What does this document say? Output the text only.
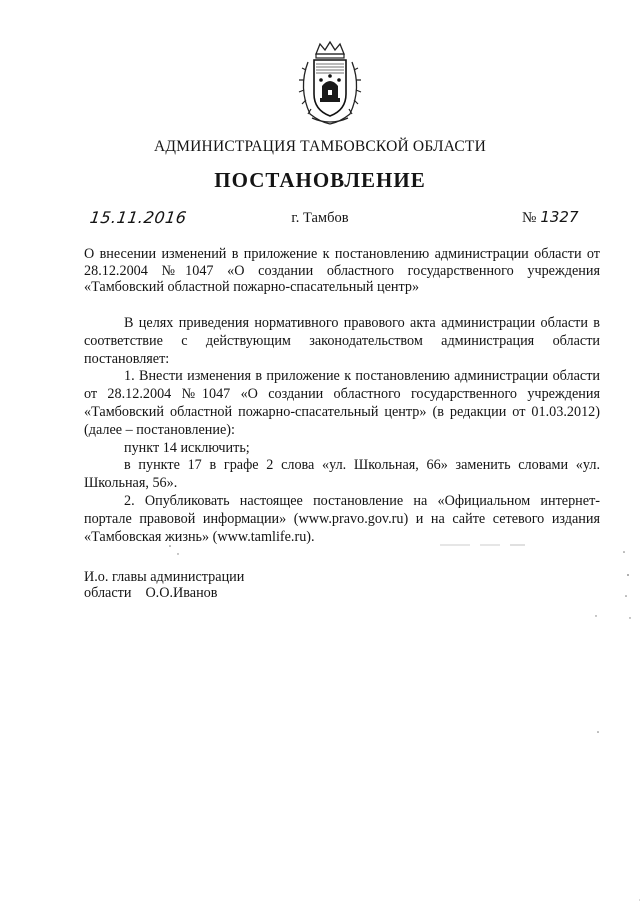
АДМИНИСТРАЦИЯ ТАМБОВСКОЙ ОБЛАСТИ
ПОСТАНОВЛЕНИЕ
15.11.2016	г. Тамбов	№ 1327
О внесении изменений в приложение к постановлению администрации области от 28.12.2004 №1047 «О создании областного государственного учреждения «Тамбовский областной пожарно-спасательный центр»

В целях приведения нормативного правового акта администрации области в соответствие с действующим законодательством администрация области постановляет:

1. Внести изменения в приложение к постановлению администрации области от 28.12.2004 №1047 «О создании областного государственного учреждения «Тамбовский областной пожарно-спасательный центр» (в редакции от 01.03.2012) (далее – постановление):

пункт 14 исключить;

в пункте 17 в графе 2 слова «ул. Школьная, 66» заменить словами «ул. Школьная, 56».

2. Опубликовать настоящее постановление на «Официальном интернет-портале правовой информации» (www.pravo.gov.ru) и на сайте сетевого издания «Тамбовская жизнь» (www.tamlife.ru).

И.о. главы администрации
области О.О.Иванов
